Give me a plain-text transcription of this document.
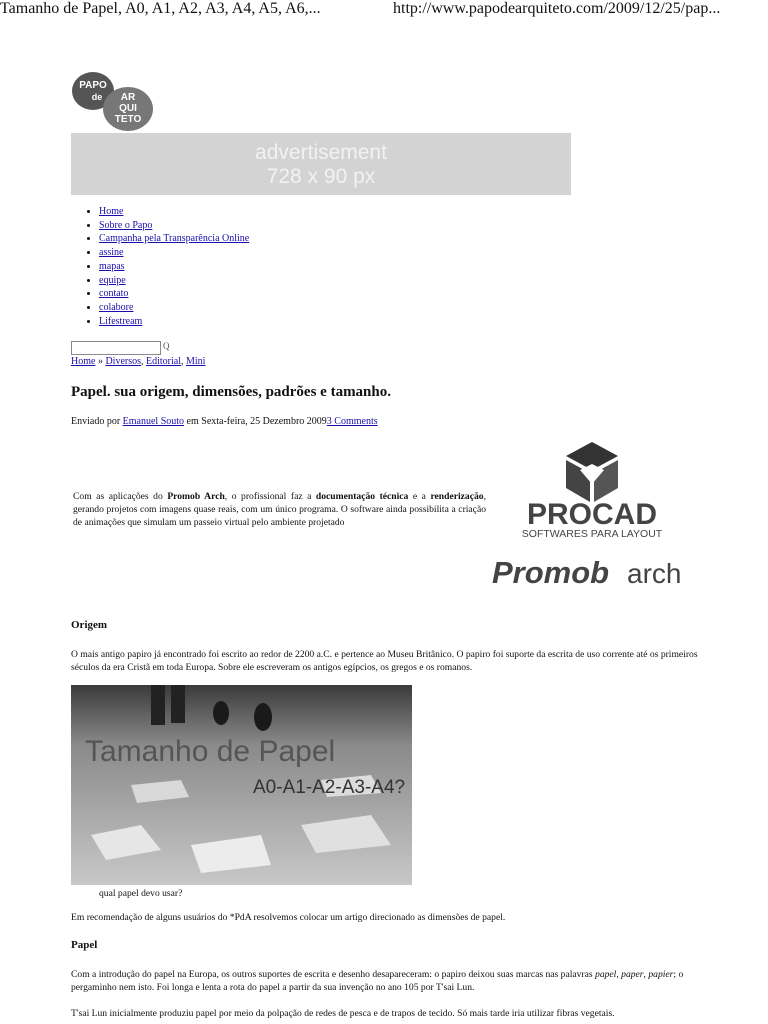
Tamanho de Papel, A0, A1, A2, A3, A4, A5, A6,...	http://www.papodearquiteto.com/2009/12/25/pap...
PAPO
de AR
QUI
TETO
advertisement
728 x 90 px
• Home
• Sobre o Papo
• Campanha pela Transparência Online
• assine
• mapas
• equipe
• contato
• colabore
• Lifestream
Q
Home » Diversos, Editorial, Mini
Papel. sua origem, dimensões, padrões e tamanho.
Enviado por Emanuel Souto em Sexta-feira, 25 Dezembro 20093 Comments
Com as aplicações do Promob Arch, o profissional faz a documentação técnica e a renderização, gerando projetos com imagens quase reais, com um único programa. O software ainda possibilita a criação de animações que simulam um passeio virtual pelo ambiente projetado	PROCAD
SOFTWARES PARA LAYOUT
Promob arch
Origem
O mais antigo papiro já encontrado foi escrito ao redor de 2200 a.C. e pertence ao Museu Britânico. O papiro foi suporte da escrita de uso corrente até os primeiros séculos da era Cristã em toda Europa. Sobre ele escreveram os antigos egípcios, os gregos e os romanos.
Tamanho de Papel
A0-A1-A2-A3-A4?
qual papel devo usar?
Em recomendação de alguns usuários do *PdA resolvemos colocar um artigo direcionado as dimensões de papel.
Papel
Com a introdução do papel na Europa, os outros suportes de escrita e desenho desapareceram: o papiro deixou suas marcas nas palavras papel, paper, papier; o pergaminho nem isto. Foi longa e lenta a rota do papel a partir da sua invenção no ano 105 por T'sai Lun.
T'sai Lun inicialmente produziu papel por meio da polpação de redes de pesca e de trapos de tecido. Só mais tarde iria utilizar fibras vegetais.
